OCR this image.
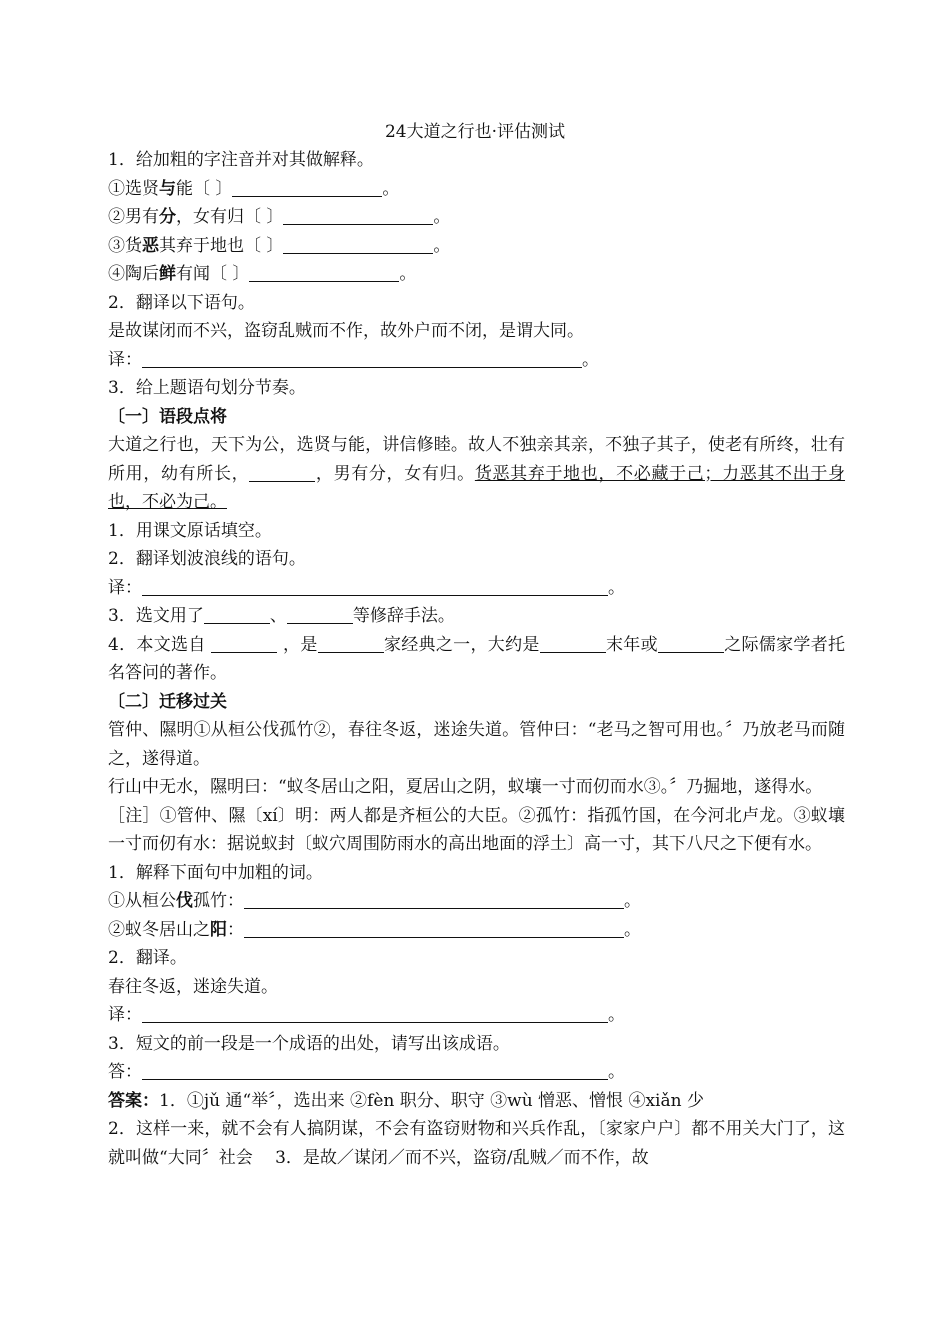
24大道之行也·评估测试

1．给加粗的字注音并对其做解释。

①选贤与能〔 〕	。

②男有分，女有归〔 〕	。

③货恶其弃于地也〔 〕	。

④陶后鲜有闻〔 〕	。

2．翻译以下语句。

是故谋闭而不兴，盗窃乱贼而不作，故外户而不闭，是谓大同。

译：	。

3．给上题语句划分节奏。

〔一〕语段点将

大道之行也，天下为公，选贤与能，讲信修睦。故人不独亲其亲，不独子其子，使老有所终，壮有所用，幼有所长，	，男有分，女有归。货恶其弃于地也，不必藏于己；力恶其不出于身也，不必为己。

1．用课文原话填空。

2．翻译划波浪线的语句。

译：	。

3．选文用了	、	等修辞手法。

4．本文选自	，是	家经典之一，大约是	末年或	之际儒家学者托名答问的著作。

〔二〕迁移过关

管仲、隰明①从桓公伐孤竹②，春往冬返，迷途失道。管仲曰：“老马之智可用也。〞乃放老马而随之，遂得道。

行山中无水，隰明曰：“蚁冬居山之阳，夏居山之阴，蚁壤一寸而仞而水③。〞乃掘地，遂得水。

［注］①管仲、隰〔xí〕明：两人都是齐桓公的大臣。②孤竹：指孤竹国，在今河北卢龙。③蚁壤一寸而仞有水：据说蚁封〔蚁穴周围防雨水的高出地面的浮土〕高一寸，其下八尺之下便有水。

1．解释下面句中加粗的词。

①从桓公伐孤竹：	。

②蚁冬居山之阳：	。

2．翻译。

春往冬返，迷途失道。

译：	。

3．短文的前一段是一个成语的出处，请写出该成语。

答：	。

答案：1．①jǔ 通“举〞，选出来 ②fèn 职分、职守 ③wù 憎恶、憎恨 ④xiǎn 少

2．这样一来，就不会有人搞阴谋，不会有盗窃财物和兴兵作乱，〔家家户户〕都不用关大门了，这就叫做“大同〞社会　 3．是故／谋闭／而不兴，盗窃/乱贼／而不作，故
